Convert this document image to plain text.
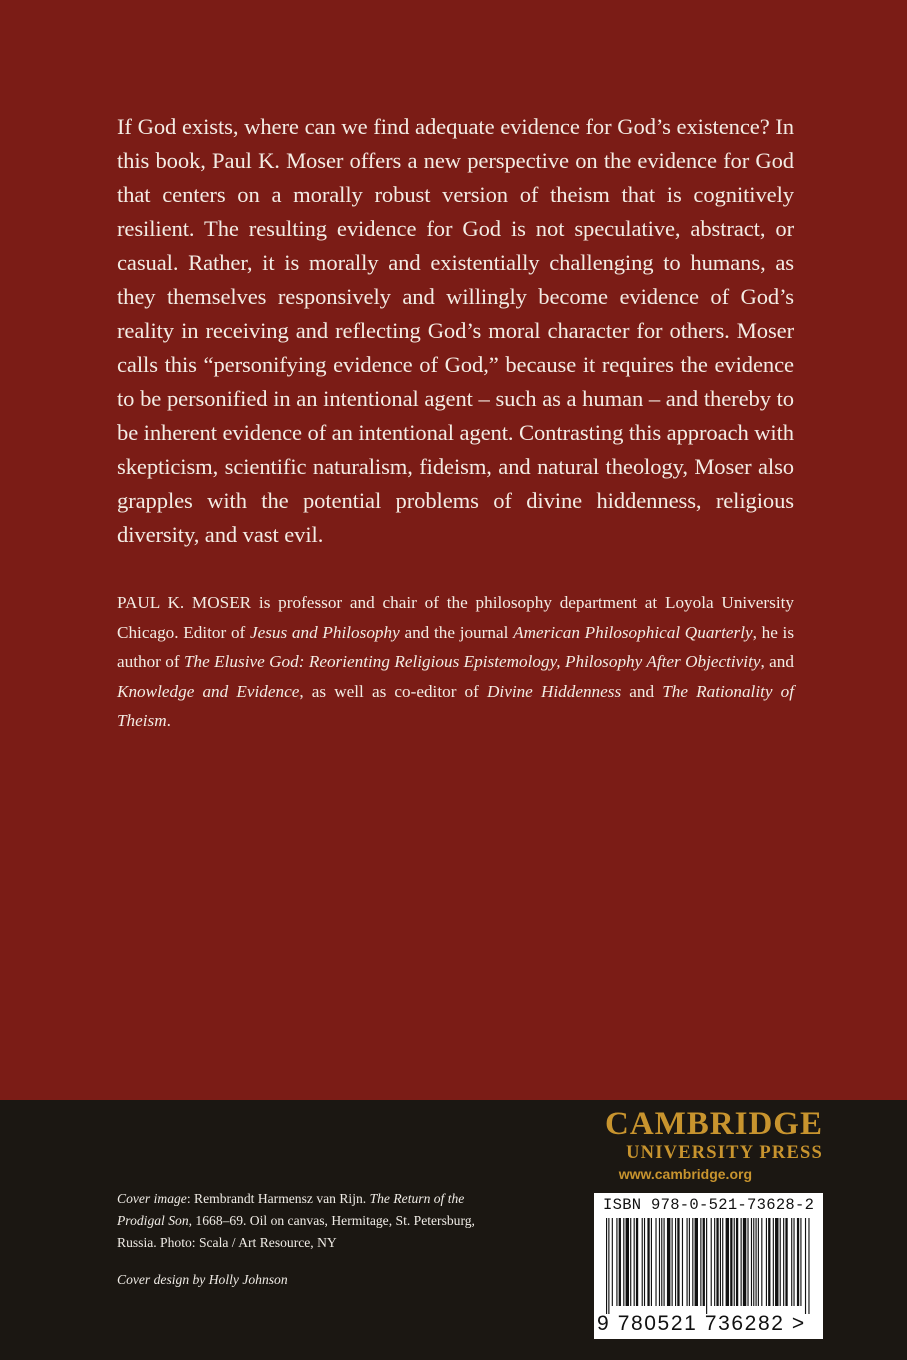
If God exists, where can we find adequate evidence for God’s existence? In this book, Paul K. Moser offers a new perspective on the evidence for God that centers on a morally robust version of theism that is cognitively resilient. The resulting evidence for God is not speculative, abstract, or casual. Rather, it is morally and existentially challenging to humans, as they themselves responsively and willingly become evidence of God’s reality in receiving and reflecting God’s moral character for others. Moser calls this “personifying evidence of God,” because it requires the evidence to be personified in an intentional agent – such as a human – and thereby to be inherent evidence of an intentional agent. Contrasting this approach with skepticism, scientific naturalism, fideism, and natural theology, Moser also grapples with the potential problems of divine hiddenness, religious diversity, and vast evil.

PAUL K. MOSER is professor and chair of the philosophy department at Loyola University Chicago. Editor of Jesus and Philosophy and the journal American Philosophical Quarterly, he is author of The Elusive God: Reorienting Religious Epistemology, Philosophy After Objectivity, and Knowledge and Evidence, as well as co-editor of Divine Hiddenness and The Rationality of Theism.

Cover image: Rembrandt Harmensz van Rijn. The Return of the Prodigal Son, 1668–69. Oil on canvas, Hermitage, St. Petersburg, Russia. Photo: Scala / Art Resource, NY

Cover design by Holly Johnson

CAMBRIDGE

UNIVERSITY PRESS

www.cambridge.org

ISBN 978-0-521-73628-2

9 780521 736282 >
